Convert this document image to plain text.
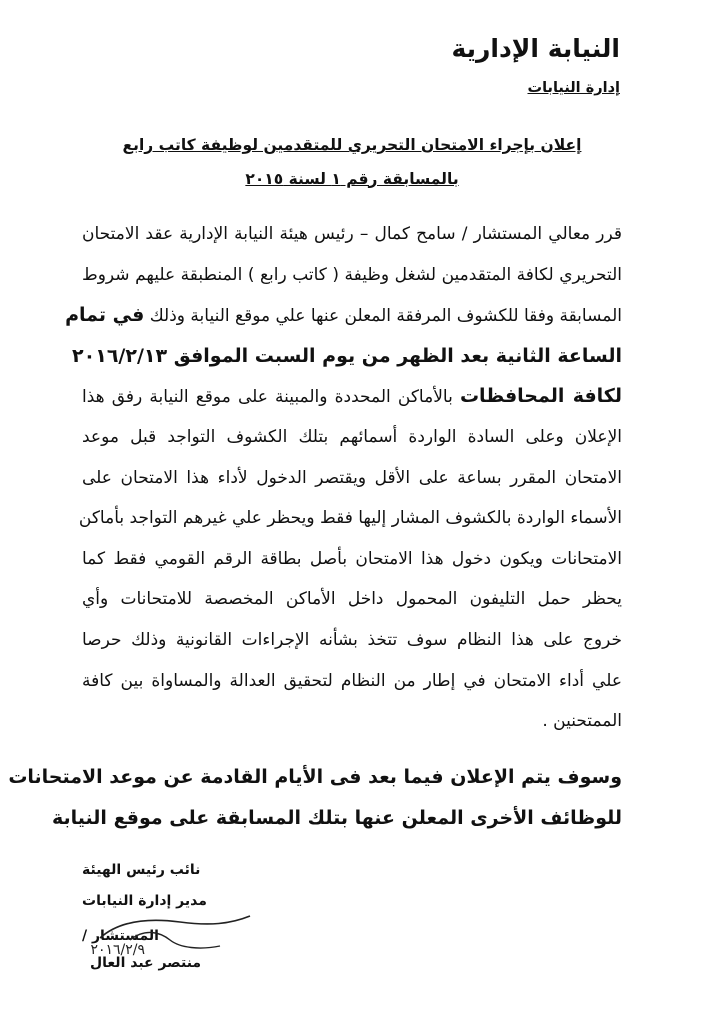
النيابة الإدارية
إدارة النيابات
إعلان بإجراء الامتحان التحريري للمتقدمين لوظيفة كاتب رابع
بالمسابقة رقم ١ لسنة ٢٠١٥
قرر معالي المستشار / سامح كمال – رئيس هيئة النيابة الإدارية عقد الامتحان
التحريري لكافة المتقدمين لشغل وظيفة ( كاتب رابع ) المنطبقة عليهم شروط
المسابقة وفقا للكشوف المرفقة المعلن عنها علي موقع النيابة وذلك في تمام
الساعة الثانية بعد الظهر من يوم السبت الموافق ٢٠١٦/٢/١٣
لكافة المحافظات بالأماكن المحددة والمبينة على موقع النيابة رفق هذا
الإعلان وعلى السادة الواردة أسمائهم بتلك الكشوف التواجد قبل موعد
الامتحان المقرر بساعة على الأقل ويقتصر الدخول لأداء هذا الامتحان على
الأسماء الواردة بالكشوف المشار إليها فقط ويحظر علي غيرهم التواجد بأماكن
الامتحانات ويكون دخول هذا الامتحان بأصل بطاقة الرقم القومي فقط كما
يحظر حمل التليفون المحمول داخل الأماكن المخصصة للامتحانات وأي
خروج على هذا النظام سوف تتخذ بشأنه الإجراءات القانونية وذلك حرصا
علي أداء الامتحان في إطار من النظام لتحقيق العدالة والمساواة بين كافة
الممتحنين .
وسوف يتم الإعلان فيما بعد فى الأيام القادمة عن موعد الامتحانات
للوظائف الأخرى المعلن عنها بتلك المسابقة على موقع النيابة
نائب رئيس الهيئة
مدير إدارة النيابات
المستشار /
منتصر عبد العال
٢٠١٦/٢/٩
